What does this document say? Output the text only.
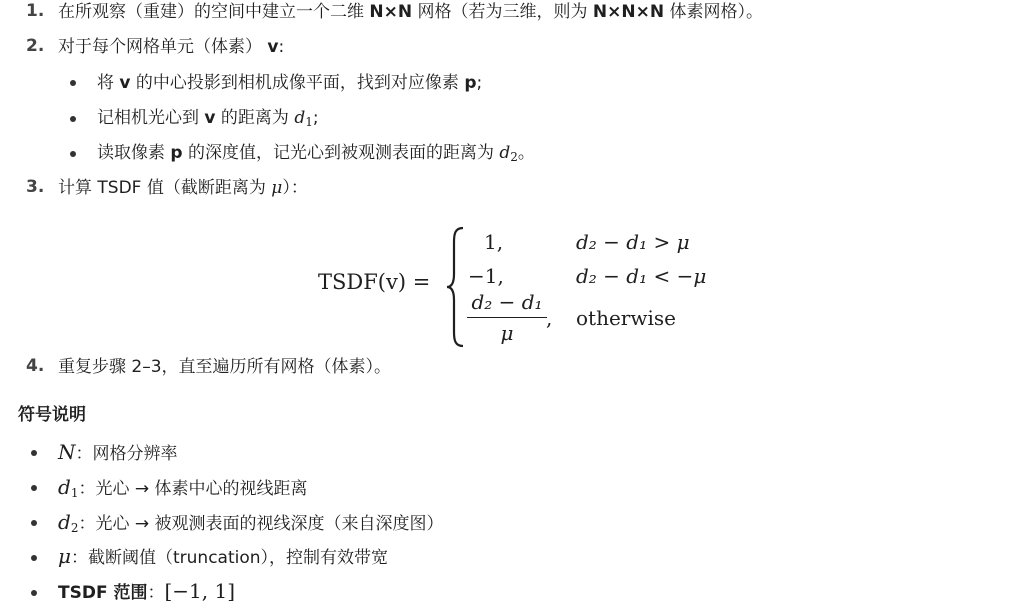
1. 在所观察（重建）的空间中建立一个二维 N×N 网格（若为三维，则为 N×N×N 体素网格）。
2. 对于每个网格单元（体素） v:
将 v 的中心投影到相机成像平面，找到对应像素 p;
记相机光心到 v 的距离为 $d_1$;
读取像素 p 的深度值，记光心到被观测表面的距离为 $d_2$。
3. 计算 TSDF 值（截断距离为 μ）：
TSDF(v) =
1,	d₂ − d₁ > μ
−1,	d₂ − d₁ < −μ
d₂ − d₁
μ
, otherwise
4. 重复步骤 2–3，直至遍历所有网格（体素）。
符号说明
N：网格分辨率
$d_1$：光心 → 体素中心的视线距离
$d_2$：光心 → 被观测表面的视线深度（来自深度图）
μ：截断阈值（truncation），控制有效带宽
TSDF 范围：[−1, 1]
